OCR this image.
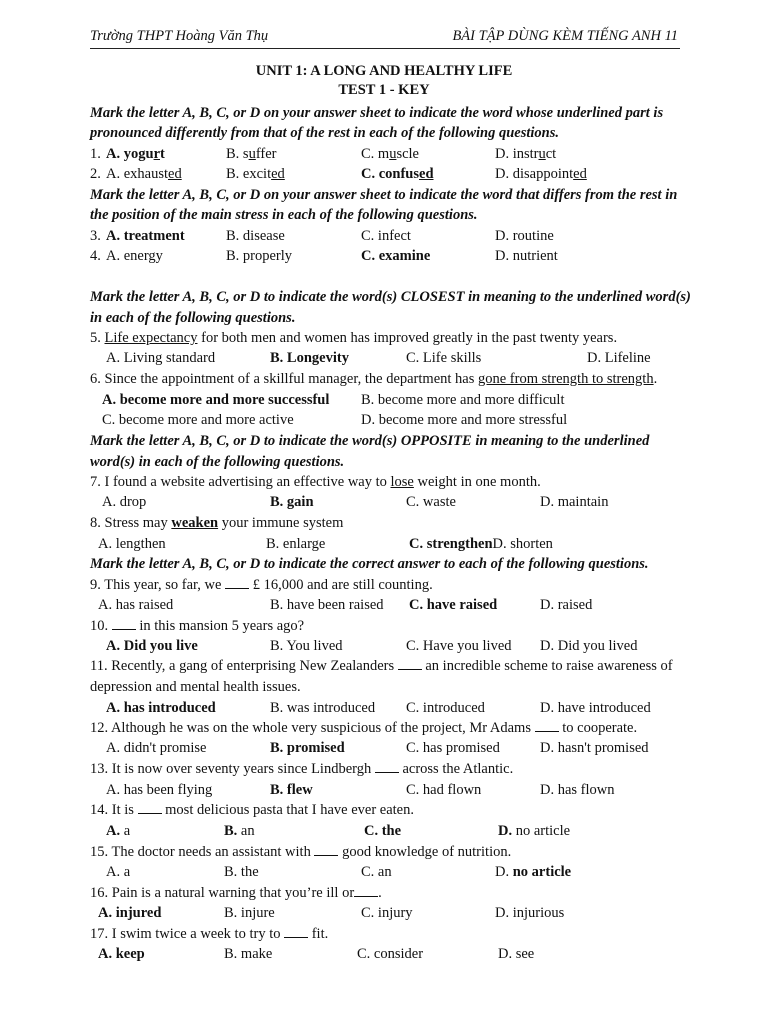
Trường THPT Hoàng Văn Thụ	BÀI TẬP DÙNG KÈM TIẾNG ANH 11
UNIT 1: A LONG AND HEALTHY LIFE
TEST 1 - KEY
Mark the letter A, B, C, or D on your answer sheet to indicate the word whose underlined part is
pronounced differently from that of the rest in each of the following questions.
1. A. yogurt	B. suffer	C. muscle	D. instruct
2. A. exhausted	B. excited	C. confused	D. disappointed
Mark the letter A, B, C, or D on your answer sheet to indicate the word that differs from the rest in
the position of the main stress in each of the following questions.
3. A. treatment	B. disease	C. infect	D. routine
4. A. energy	B. properly	C. examine	D. nutrient
Mark the letter A, B, C, or D to indicate the word(s) CLOSEST in meaning to the underlined word(s)
in each of the following questions.
5. Life expectancy for both men and women has improved greatly in the past twenty years.
A. Living standard	B. Longevity	C. Life skills	D. Lifeline
6. Since the appointment of a skillful manager, the department has gone from strength to strength.
A. become more and more successful B. become more and more difficult
C. become more and more active	D. become more and more stressful
Mark the letter A, B, C, or D to indicate the word(s) OPPOSITE in meaning to the underlined
word(s) in each of the following questions.
7. I found a website advertising an effective way to lose weight in one month.
A. drop	B. gain	C. waste	D. maintain
8. Stress may weaken your immune system
A. lengthen	B. enlarge	C. strengthenD. shorten
Mark the letter A, B, C, or D to indicate the correct answer to each of the following questions.
9. This year, so far, we  £ 16,000 and are still counting.
A. has raised	B. have been raised C. have raised	D. raised
10.  in this mansion 5 years ago?
A. Did you live	B. You lived	C. Have you lived D. Did you lived
11. Recently, a gang of enterprising New Zealanders  an incredible scheme to raise awareness of
depression and mental health issues.
A. has introduced	B. was introduced C. introduced	D. have introduced
12. Although he was on the whole very suspicious of the project, Mr Adams  to cooperate.
A. didn't promise	B. promised	C. has promised	D. hasn't promised
13. It is now over seventy years since Lindbergh  across the Atlantic.
A. has been flying	B. flew	C. had flown	D. has flown
14. It is  most delicious pasta that I have ever eaten.
A. a	B. an	C. the	D. no article
15. The doctor needs an assistant with  good knowledge of nutrition.
A. a	B. the	C. an	D. no article
16. Pain is a natural warning that you’re ill or .
A. injured	B. injure	C. injury	D. injurious
17. I swim twice a week to try to  fit.
A. keep	B. make	C. consider	D. see
